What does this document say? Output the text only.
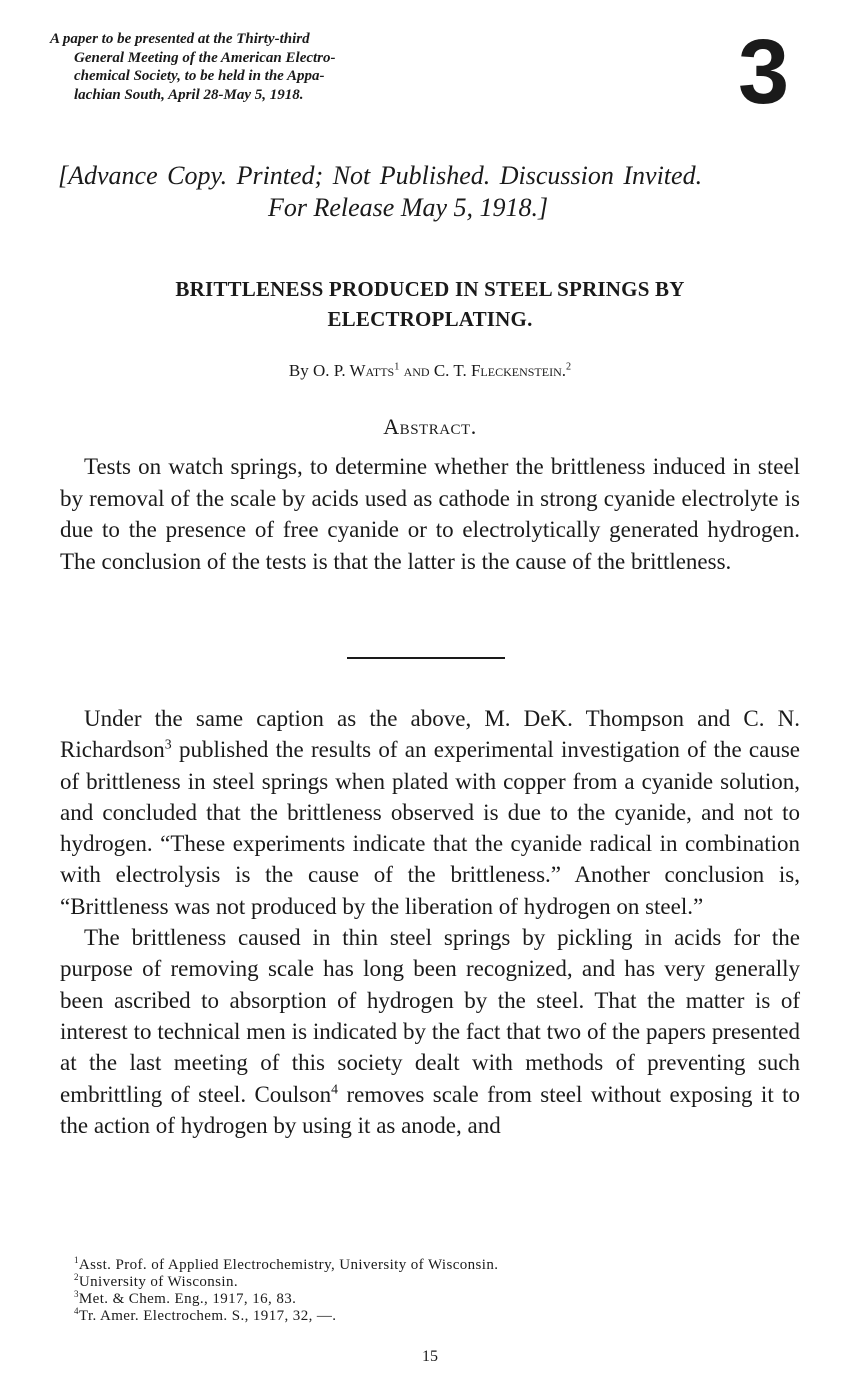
A paper to be presented at the Thirty-third
General Meeting of the American Electro-
chemical Society, to be held in the Appa-
lachian South, April 28-May 5, 1918.	3
[Advance Copy. Printed; Not Published. Discussion Invited.
For Release May 5, 1918.]
BRITTLENESS PRODUCED IN STEEL SPRINGS BY
ELECTROPLATING.
By O. P. Watts$^1$ and C. T. Fleckenstein.$^2$
Abstract.

Tests on watch springs, to determine whether the brittleness induced in steel by removal of the scale by acids used as cathode in strong cyanide electrolyte is due to the presence of free cyanide or to electrolytically generated hydrogen. The conclusion of the tests is that the latter is the cause of the brittleness.

Under the same caption as the above, M. DeK. Thompson and C. N. Richardson$^3$ published the results of an experimental investigation of the cause of brittleness in steel springs when plated with copper from a cyanide solution, and concluded that the brittleness observed is due to the cyanide, and not to hydrogen. “These experiments indicate that the cyanide radical in combination with electrolysis is the cause of the brittleness.” Another conclusion is, “Brittleness was not produced by the liberation of hydrogen on steel.”

The brittleness caused in thin steel springs by pickling in acids for the purpose of removing scale has long been recognized, and has very generally been ascribed to absorption of hydrogen by the steel. That the matter is of interest to technical men is indicated by the fact that two of the papers presented at the last meeting of this society dealt with methods of preventing such embrittling of steel. Coulson$^4$ removes scale from steel without exposing it to the action of hydrogen by using it as anode, and

$^1$Asst. Prof. of Applied Electrochemistry, University of Wisconsin.
$^2$University of Wisconsin.
$^3$Met. & Chem. Eng., 1917, 16, 83.
$^4$Tr. Amer. Electrochem. S., 1917, 32, —.
15
